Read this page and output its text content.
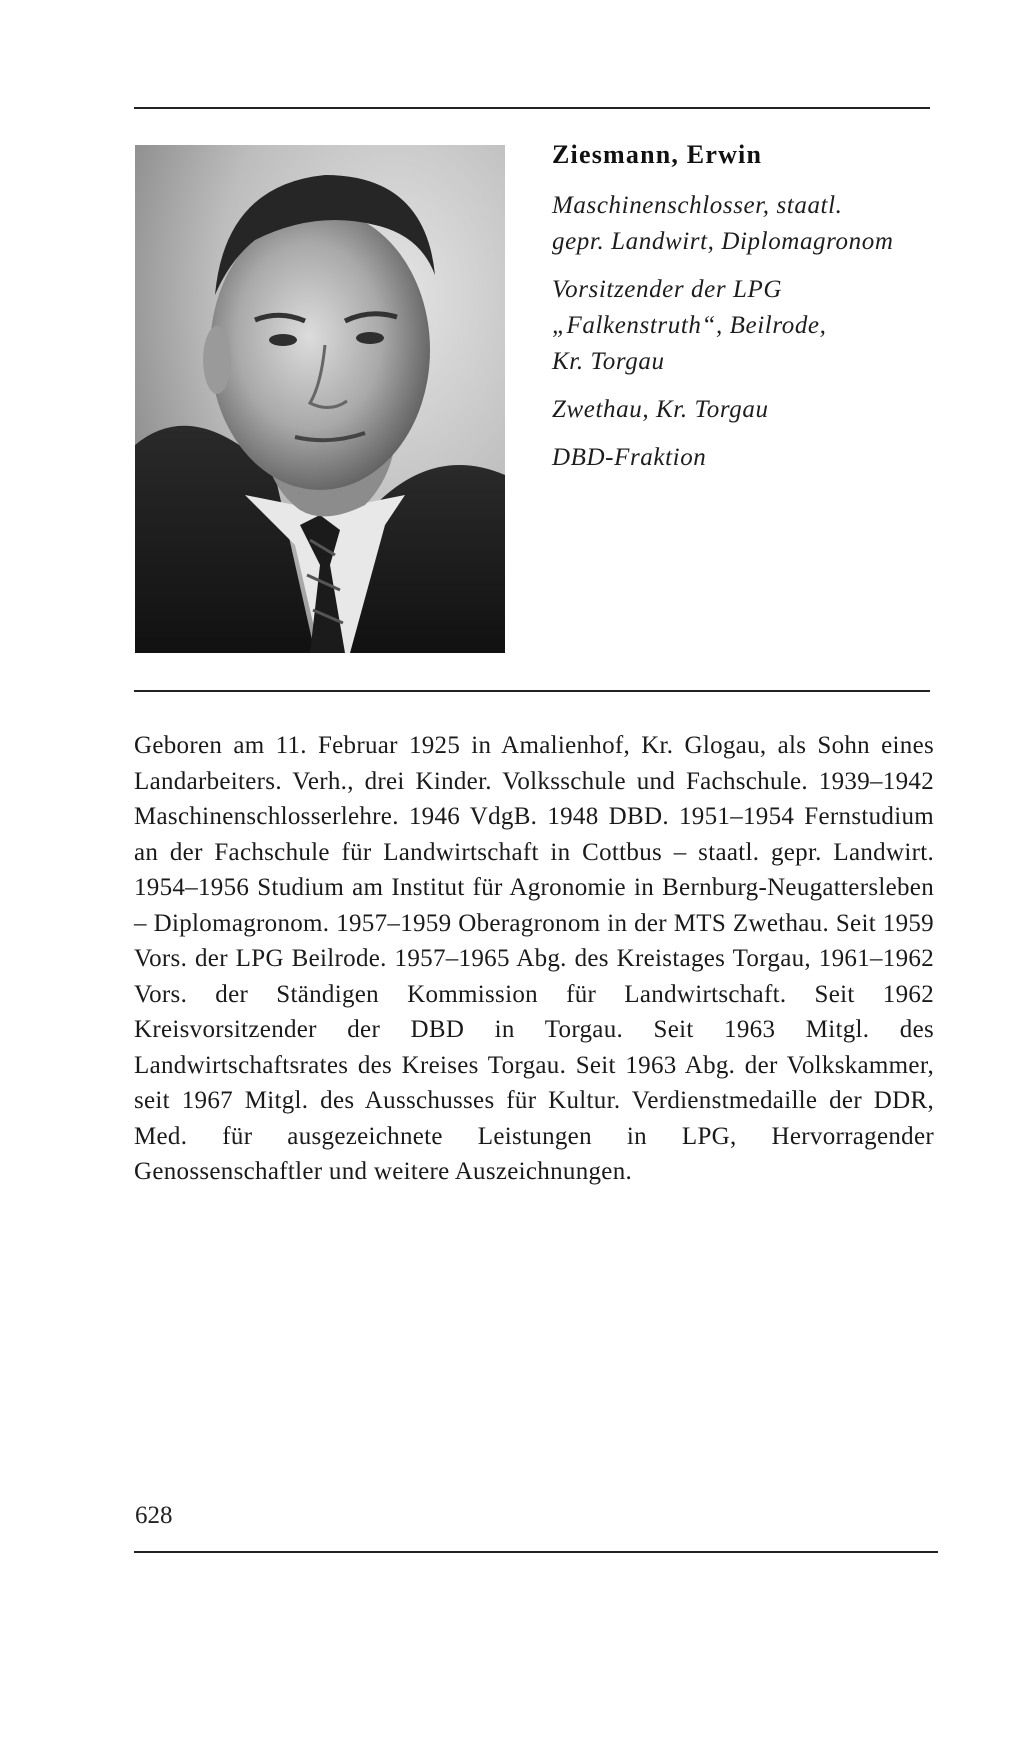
Ziesmann, Erwin
Maschinenschlosser, staatl.
gepr. Landwirt, Diplomagronom
Vorsitzender der LPG
„Falkenstruth“, Beilrode,
Kr. Torgau
Zwethau, Kr. Torgau
DBD-Fraktion

Geboren am 11. Februar 1925 in Amalienhof, Kr. Glogau, als Sohn eines Landarbeiters. Verh., drei Kinder. Volksschule und Fachschule. 1939–1942 Maschinenschlosserlehre. 1946 VdgB. 1948 DBD. 1951–1954 Fernstudium an der Fachschule für Landwirtschaft in Cottbus – staatl. gepr. Landwirt. 1954–1956 Studium am Institut für Agronomie in Bernburg-Neugattersleben – Diplomagronom. 1957–1959 Oberagronom in der MTS Zwethau. Seit 1959 Vors. der LPG Beilrode. 1957–1965 Abg. des Kreistages Torgau, 1961–1962 Vors. der Ständigen Kommission für Landwirtschaft. Seit 1962 Kreisvorsitzender der DBD in Torgau. Seit 1963 Mitgl. des Landwirtschaftsrates des Kreises Torgau. Seit 1963 Abg. der Volkskammer, seit 1967 Mitgl. des Ausschusses für Kultur. Verdienstmedaille der DDR, Med. für ausgezeichnete Leistungen in LPG, Hervorragender Genossenschaftler und weitere Auszeichnungen.

628
